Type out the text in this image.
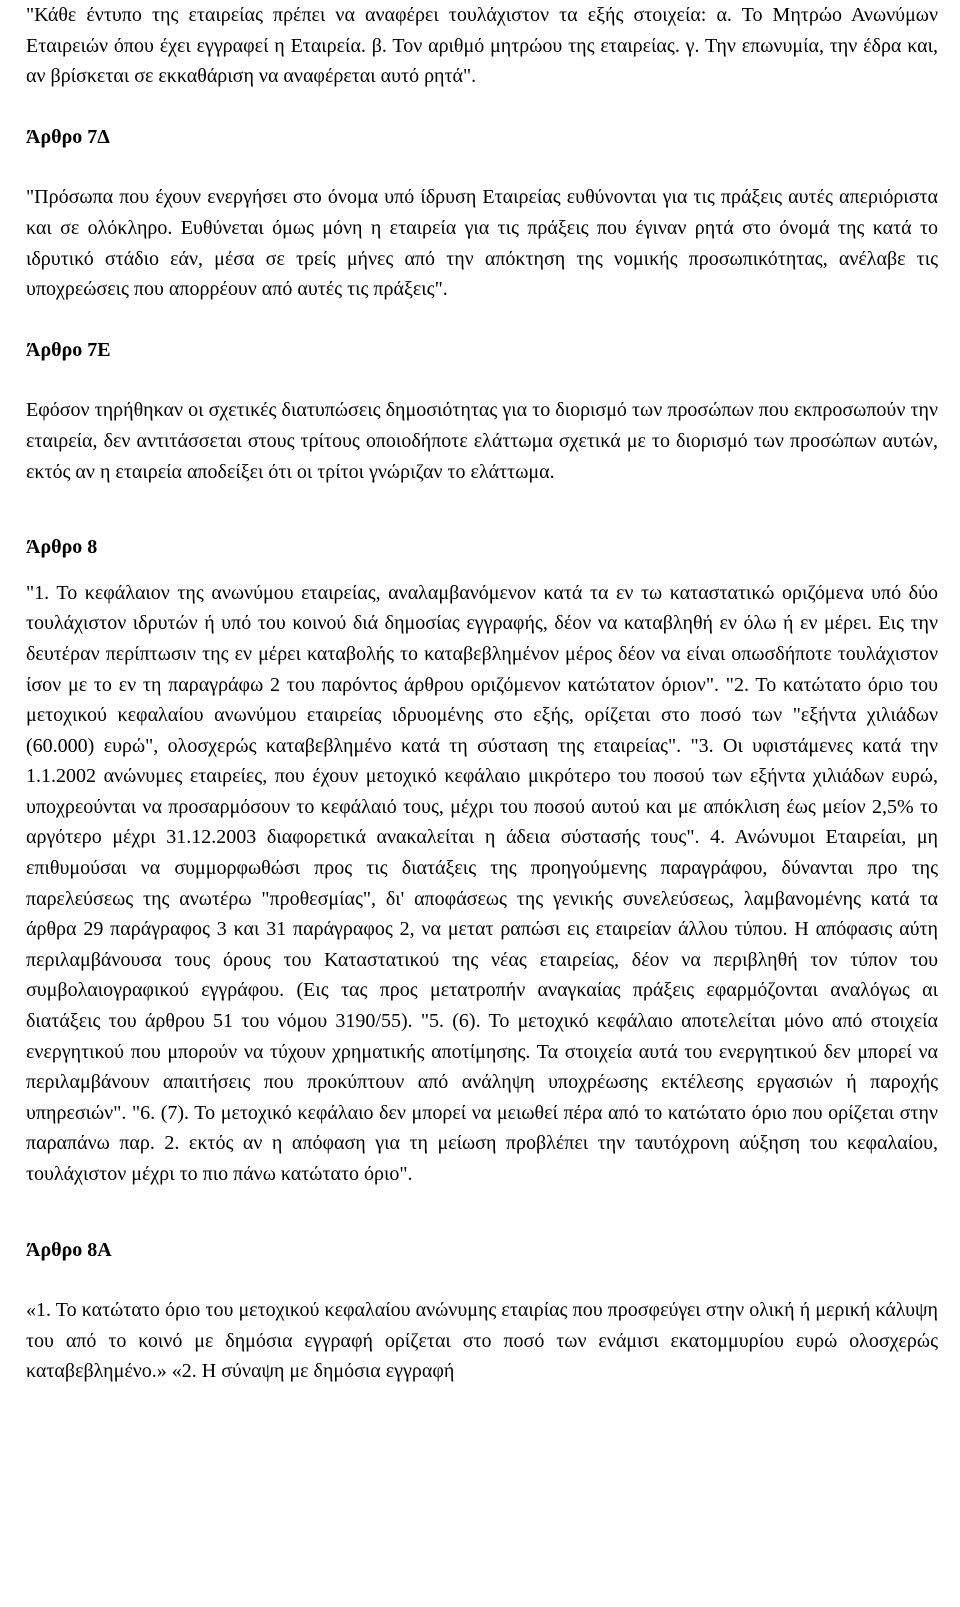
"Κάθε έντυπο της εταιρείας πρέπει να αναφέρει τουλάχιστον τα εξής στοιχεία: α. Το Μητρώο Ανωνύμων Εταιρειών όπου έχει εγγραφεί η Εταιρεία. β. Τον αριθμό μητρώου της εταιρείας. γ. Την επωνυμία, την έδρα και, αν βρίσκεται σε εκκαθάριση να αναφέρεται αυτό ρητά".

Άρθρο 7Δ

"Πρόσωπα που έχουν ενεργήσει στο όνομα υπό ίδρυση Εταιρείας ευθύνονται για τις πράξεις αυτές απεριόριστα και σε ολόκληρο. Ευθύνεται όμως μόνη η εταιρεία για τις πράξεις που έγιναν ρητά στο όνομά της κατά το ιδρυτικό στάδιο εάν, μέσα σε τρείς μήνες από την απόκτηση της νομικής προσωπικότητας, ανέλαβε τις υποχρεώσεις που απορρέουν από αυτές τις πράξεις".

Άρθρο 7Ε

Εφόσον τηρήθηκαν οι σχετικές διατυπώσεις δημοσιότητας για το διορισμό των προσώπων που εκπροσωπούν την εταιρεία, δεν αντιτάσσεται στους τρίτους οποιοδήποτε ελάττωμα σχετικά με το διορισμό των προσώπων αυτών, εκτός αν η εταιρεία αποδείξει ότι οι τρίτοι γνώριζαν το ελάττωμα.

Άρθρο 8

"1. Το κεφάλαιον της ανωνύμου εταιρείας, αναλαμβανόμενον κατά τα εν τω καταστατικώ οριζόμενα υπό δύο τουλάχιστον ιδρυτών ή υπό του κοινού διά δημοσίας εγγραφής, δέον να καταβληθή εν όλω ή εν μέρει. Εις την δευτέραν περίπτωσιν της εν μέρει καταβολής το καταβεβλημένον μέρος δέον να είναι οπωσδήποτε τουλάχιστον ίσον με το εν τη παραγράφω 2 του παρόντος άρθρου οριζόμενον κατώτατον όριον". "2. Το κατώτατο όριο του μετοχικού κεφαλαίου ανωνύμου εταιρείας ιδρυομένης στο εξής, ορίζεται στο ποσό των "εξήντα χιλιάδων (60.000) ευρώ", ολοσχερώς καταβεβλημένο κατά τη σύσταση της εταιρείας". "3. Οι υφιστάμενες κατά την 1.1.2002 ανώνυμες εταιρείες, που έχουν μετοχικό κεφάλαιο μικρότερο του ποσού των εξήντα χιλιάδων ευρώ, υποχρεούνται να προσαρμόσουν το κεφάλαιό τους, μέχρι του ποσού αυτού και με απόκλιση έως μείον 2,5% το αργότερο μέχρι 31.12.2003 διαφορετικά ανακαλείται η άδεια σύστασής τους". 4. Ανώνυμοι Εταιρείαι, μη επιθυμούσαι να συμμορφωθώσι προς τις διατάξεις της προηγούμενης παραγράφου, δύνανται προ της παρελεύσεως της ανωτέρω "προθεσμίας", δι' αποφάσεως της γενικής συνελεύσεως, λαμβανομένης κατά τα άρθρα 29 παράγραφος 3 και 31 παράγραφος 2, να μετατ ραπώσι εις εταιρείαν άλλου τύπου. Η απόφασις αύτη περιλαμβάνουσα τους όρους του Καταστατικού της νέας εταιρείας, δέον να περιβληθή τον τύπον του συμβολαιογραφικού εγγράφου. (Εις τας προς μετατροπήν αναγκαίας πράξεις εφαρμόζονται αναλόγως αι διατάξεις του άρθρου 51 του νόμου 3190/55). "5. (6). Το μετοχικό κεφάλαιο αποτελείται μόνο από στοιχεία ενεργητικού που μπορούν να τύχουν χρηματικής αποτίμησης. Τα στοιχεία αυτά του ενεργητικού δεν μπορεί να περιλαμβάνουν απαιτήσεις που προκύπτουν από ανάληψη υποχρέωσης εκτέλεσης εργασιών ή παροχής υπηρεσιών". "6. (7). Το μετοχικό κεφάλαιο δεν μπορεί να μειωθεί πέρα από το κατώτατο όριο που ορίζεται στην παραπάνω παρ. 2. εκτός αν η απόφαση για τη μείωση προβλέπει την ταυτόχρονη αύξηση του κεφαλαίου, τουλάχιστον μέχρι το πιο πάνω κατώτατο όριο".

Άρθρο 8Α

«1. Το κατώτατο όριο του μετοχικού κεφαλαίου ανώνυμης εταιρίας που προσφεύγει στην ολική ή μερική κάλυψη του από το κοινό με δημόσια εγγραφή ορίζεται στο ποσό των ενάμισι εκατομμυρίου ευρώ ολοσχερώς καταβεβλημένο.» «2. Η σύναψη με δημόσια εγγραφή
